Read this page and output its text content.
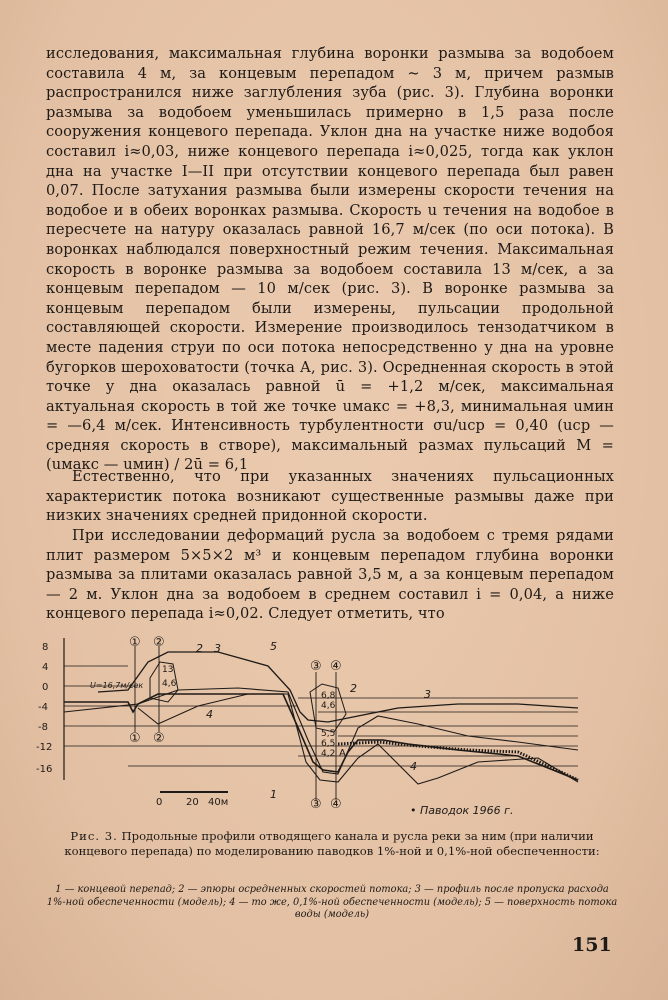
исследования, максимальная глубина воронки размыва за водобоем составила 4 м, за концевым перепадом ~ 3 м, причем размыв распространился ниже заглубления зуба (рис. 3). Глубина воронки размыва за водобоем уменьшилась примерно в 1,5 раза после сооружения концевого перепада. Уклон дна на участке ниже водобоя составил i≈0,03, ниже концевого перепада i≈0,025, тогда как уклон дна на участке I—II при отсутствии концевого перепада был равен 0,07. После затухания размыва были измерены скорости течения на водобое и в обеих воронках размыва. Скорость u течения на водобое в пересчете на натуру оказалась равной 16,7 м/сек (по оси потока). В воронках наблюдался поверхностный режим течения. Максимальная скорость в воронке размыва за водобоем составила 13 м/сек, а за концевым перепадом — 10 м/сек (рис. 3). В воронке размыва за концевым перепадом были измерены, пульсации продольной составляющей скорости. Измерение производилось тензодатчиком в месте падения струи по оси потока непосредственно у дна на уровне бугорков шероховатости (точка А, рис. 3). Осредненная скорость в этой точке у дна оказалась равной ū = +1,2 м/сек, максимальная актуальная скорость в той же точке uмакс = +8,3, минимальная uмин = —6,4 м/сек. Интенсивность турбулентности σu/uср = 0,40 (uср — средняя скорость в створе), максимальный размах пульсаций M = (uмакс — uмин) / 2ū = 6,1

Естественно, что при указанных значениях пульсационных характеристик потока возникают существенные размывы даже при низких значениях средней придонной скорости.

При исследовании деформаций русла за водобоем с тремя рядами плит размером 5×5×2 м³ и концевым перепадом глубина воронки размыва за плитами оказалась равной 3,5 м, а за концевым перепадом — 2 м. Уклон дна за водобоем в среднем составил i = 0,04, а ниже концевого перепада i≈0,02. Следует отметить, что

8
4
0
-4
-8
-12
-16
① ②
① ②
③ ④
③ ④
2 3	5
4
2	3
4
1
U=16,7м/сек
13
4,6
6,8
4,6
5,5
6,5
4,2 А
0 20 40м
• Паводок 1966 г.

Рис. 3. Продольные профили отводящего канала и русла реки за ним (при наличии концевого перепада) по моделированию паводков 1%-ной и 0,1%-ной обеспеченности:

1 — концевой перепад; 2 — эпюры осредненных скоростей потока; 3 — профиль после пропуска расхода 1%-ной обеспеченности (модель); 4 — то же, 0,1%-ной обеспеченности (модель); 5 — поверхность потока воды (модель)

151
